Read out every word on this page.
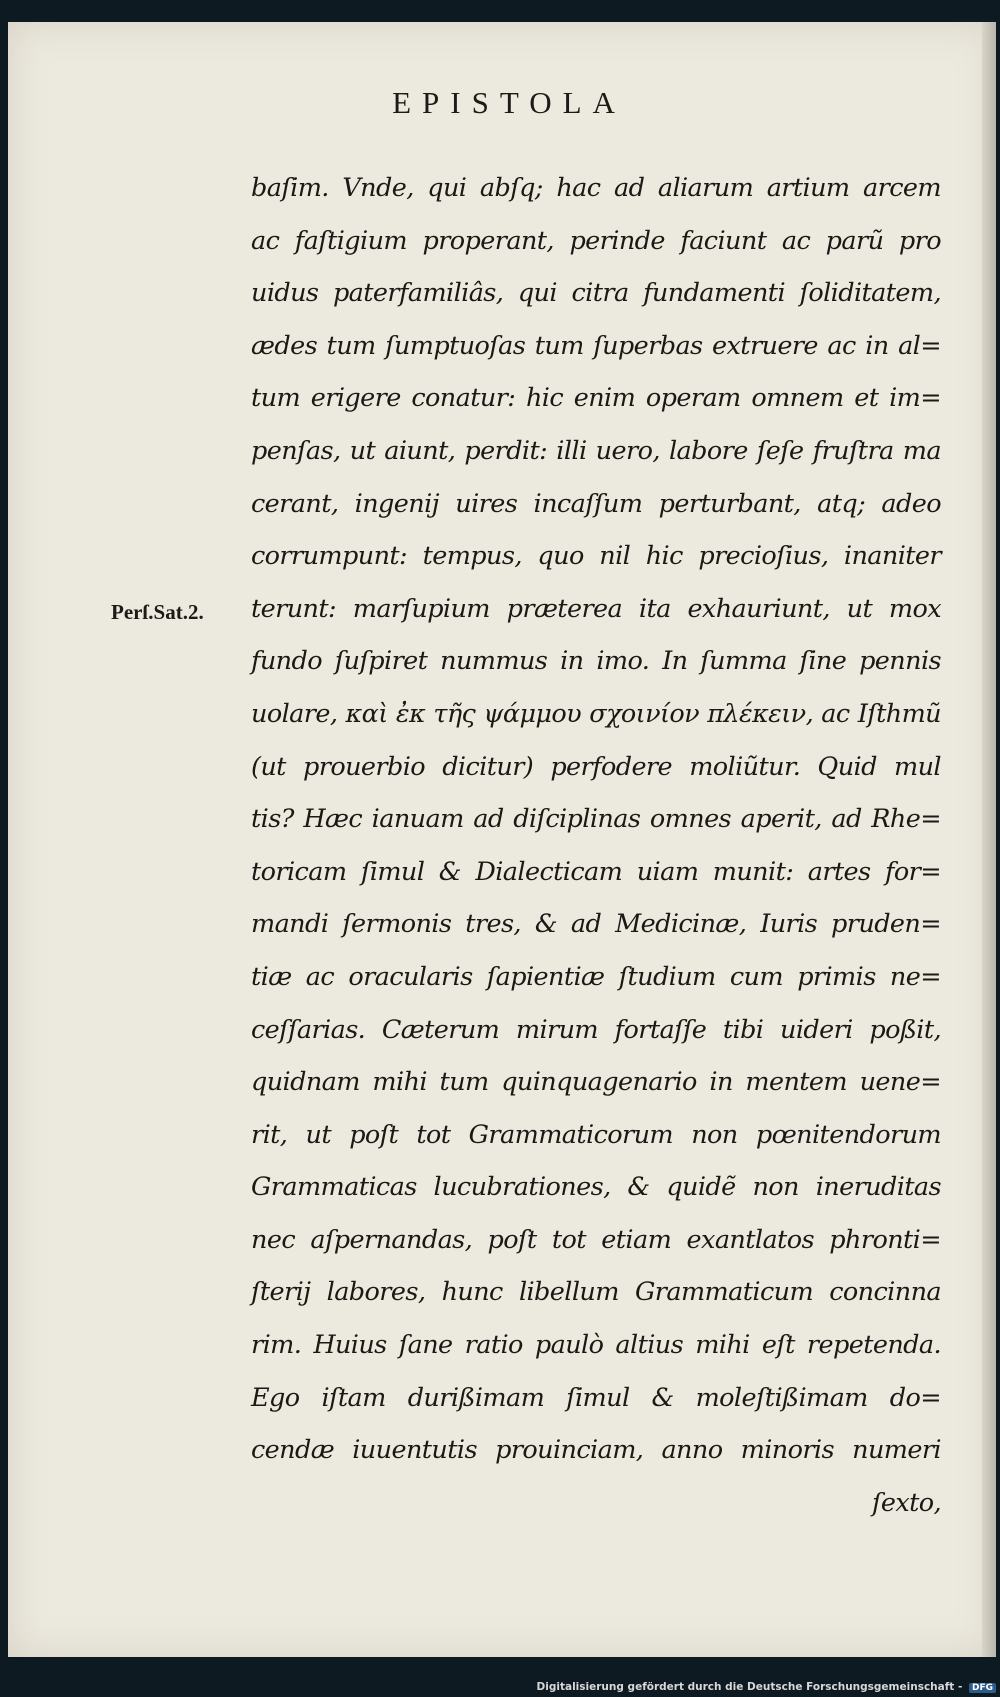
EPISTOLA
Perſ.Sat.2.
baſim. Vnde, qui abſq; hac ad aliarum artium arcem
ac faſtigium properant, perinde faciunt ac parũ pro
uidus paterfamiliâs, qui citra fundamenti ſoliditatem,
ædes tum ſumptuoſas tum ſuperbas extruere ac in al=
tum erigere conatur: hic enim operam omnem et im=
penſas, ut aiunt, perdit: illi uero, labore ſeſe fruſtra ma
cerant, ingenij uires incaſſum perturbant, atq; adeo
corrumpunt: tempus, quo nil hic precioſius, inaniter
terunt: marſupium præterea ita exhauriunt, ut mox
fundo ſuſpiret nummus in imo. In ſumma ſine pennis
uolare, καὶ ἐκ τῆς ψάμμου σχοινίον πλέκειν, ac Iſthmũ
(ut prouerbio dicitur) perfodere moliũtur. Quid mul
tis? Hæc ianuam ad diſciplinas omnes aperit, ad Rhe=
toricam ſimul & Dialecticam uiam munit: artes for=
mandi ſermonis tres, & ad Medicinæ, Iuris pruden=
tiæ ac oracularis ſapientiæ ſtudium cum primis ne=
ceſſarias. Cæterum mirum fortaſſe tibi uideri poßit,
quidnam mihi tum quinquagenario in mentem uene=
rit, ut poſt tot Grammaticorum non pœnitendorum
Grammaticas lucubrationes, & quidẽ non ineruditas
nec aſpernandas, poſt tot etiam exantlatos phronti=
ſterij labores, hunc libellum Grammaticum concinna
rim. Huius ſane ratio paulò altius mihi eſt repetenda.
Ego iſtam durißimam ſimul & moleſtißimam do=
cendæ iuuentutis prouinciam, anno minoris numeri
ſexto,
Digitalisierung gefördert durch die Deutsche Forschungsgemeinschaft - DFG
